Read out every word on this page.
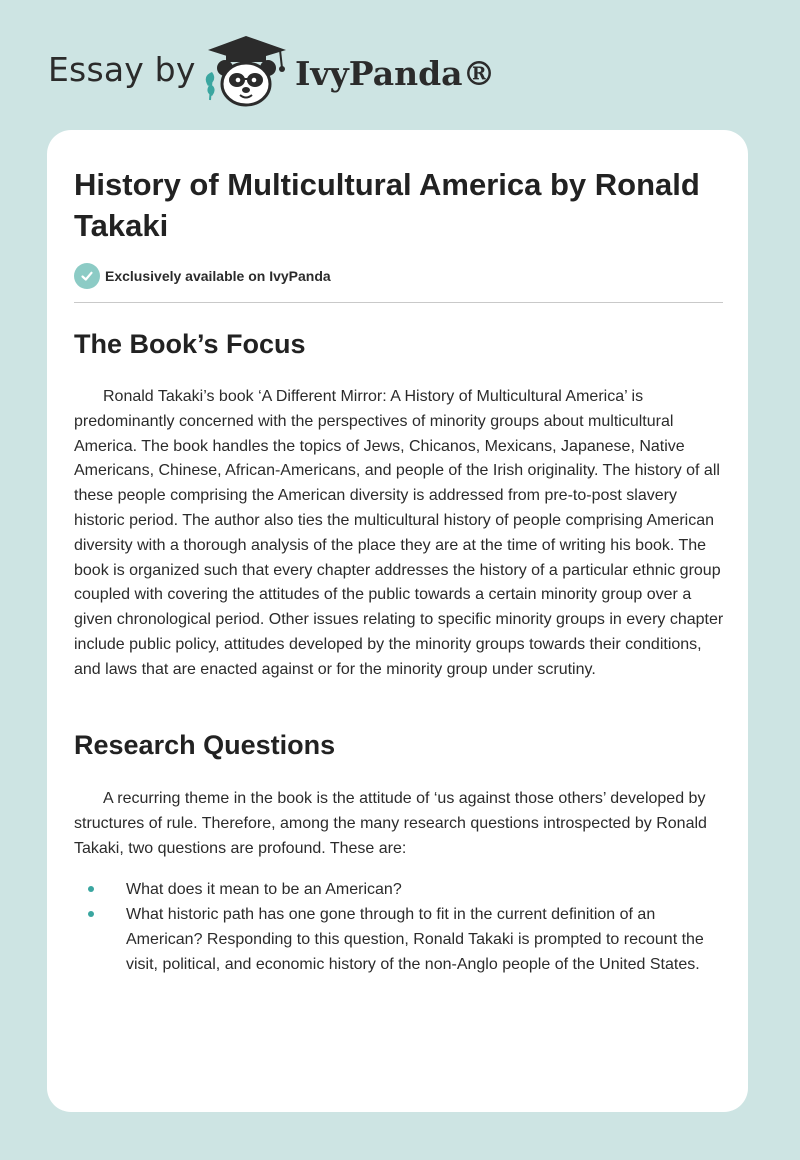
Essay by	IvyPanda®
History of Multicultural America by Ronald Takaki
Exclusively available on IvyPanda
The Book’s Focus

Ronald Takaki’s book ‘A Different Mirror: A History of Multicultural America’ is predominantly concerned with the perspectives of minority groups about multicultural America. The book handles the topics of Jews, Chicanos, Mexicans, Japanese, Native Americans, Chinese, African-Americans, and people of the Irish originality. The history of all these people comprising the American diversity is addressed from pre-to-post slavery historic period. The author also ties the multicultural history of people comprising American diversity with a thorough analysis of the place they are at the time of writing his book. The book is organized such that every chapter addresses the history of a particular ethnic group coupled with covering the attitudes of the public towards a certain minority group over a given chronological period. Other issues relating to specific minority groups in every chapter include public policy, attitudes developed by the minority groups towards their conditions, and laws that are enacted against or for the minority group under scrutiny.

Research Questions

A recurring theme in the book is the attitude of ‘us against those others’ developed by structures of rule. Therefore, among the many research questions introspected by Ronald Takaki, two questions are profound. These are:

What does it mean to be an American?
What historic path has one gone through to fit in the current definition of an American? Responding to this question, Ronald Takaki is prompted to recount the visit, political, and economic history of the non-Anglo people of the United States.
